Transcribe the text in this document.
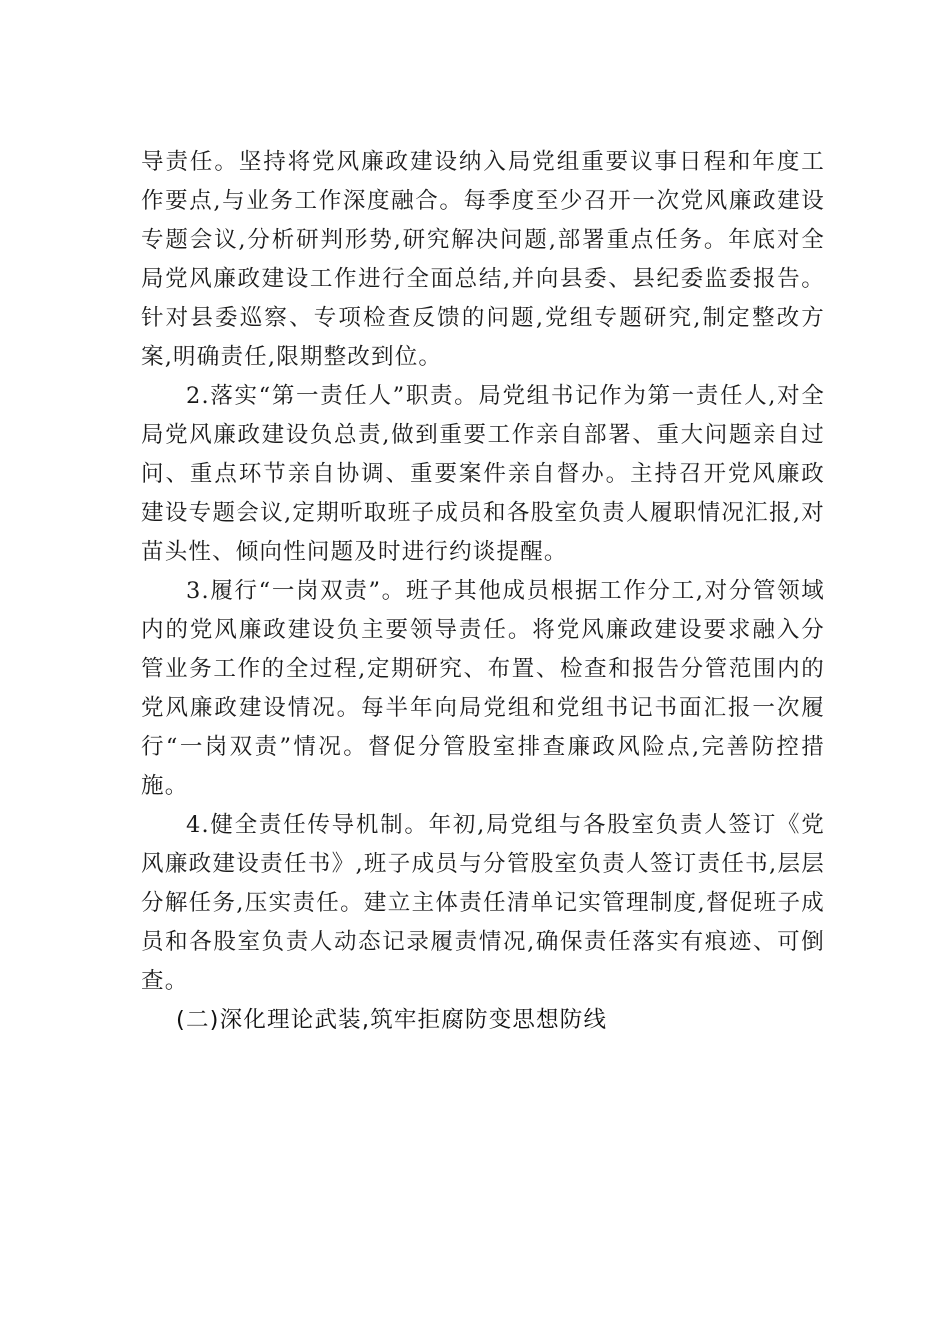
导责任。坚持将党风廉政建设纳入局党组重要议事日程和年度工作要点,与业务工作深度融合。每季度至少召开一次党风廉政建设专题会议,分析研判形势,研究解决问题,部署重点任务。年底对全局党风廉政建设工作进行全面总结,并向县委、县纪委监委报告。针对县委巡察、专项检查反馈的问题,党组专题研究,制定整改方案,明确责任,限期整改到位。

2.落实“第一责任人”职责。局党组书记作为第一责任人,对全局党风廉政建设负总责,做到重要工作亲自部署、重大问题亲自过问、重点环节亲自协调、重要案件亲自督办。主持召开党风廉政建设专题会议,定期听取班子成员和各股室负责人履职情况汇报,对苗头性、倾向性问题及时进行约谈提醒。

3.履行“一岗双责”。班子其他成员根据工作分工,对分管领域内的党风廉政建设负主要领导责任。将党风廉政建设要求融入分管业务工作的全过程,定期研究、布置、检查和报告分管范围内的党风廉政建设情况。每半年向局党组和党组书记书面汇报一次履行“一岗双责”情况。督促分管股室排查廉政风险点,完善防控措施。

4.健全责任传导机制。年初,局党组与各股室负责人签订《党风廉政建设责任书》,班子成员与分管股室负责人签订责任书,层层分解任务,压实责任。建立主体责任清单记实管理制度,督促班子成员和各股室负责人动态记录履责情况,确保责任落实有痕迹、可倒查。

(二)深化理论武装,筑牢拒腐防变思想防线
